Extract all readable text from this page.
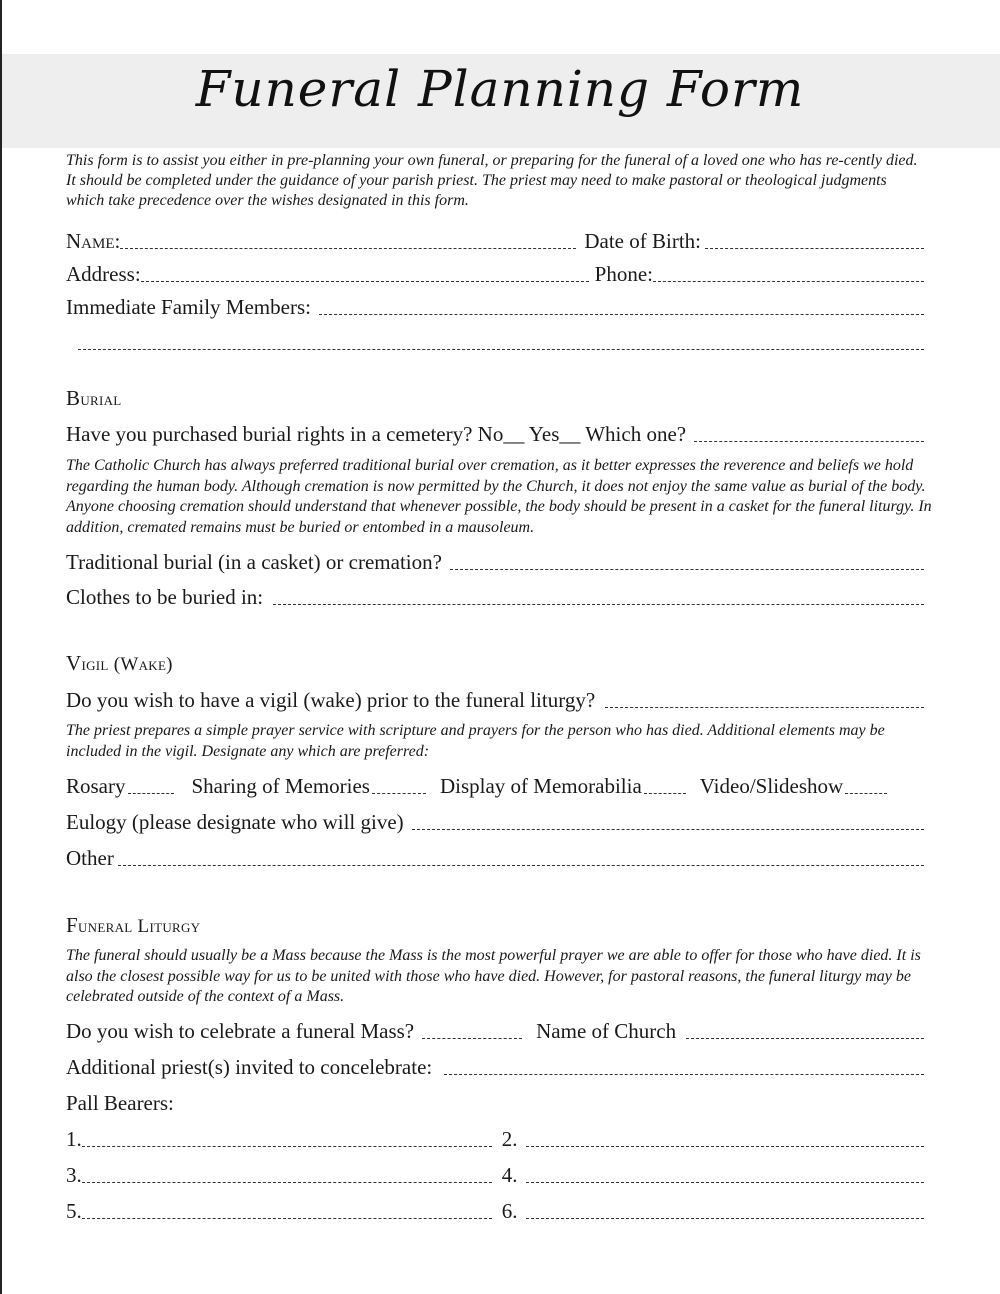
Funeral Planning Form
This form is to assist you either in pre-planning your own funeral, or preparing for the funeral of a loved one who has re-cently died. It should be completed under the guidance of your parish priest. The priest may need to make pastoral or theological judgments which take precedence over the wishes designated in this form.
Name:	Date of Birth:
Address:	Phone:
Immediate Family Members:
Burial
Have you purchased burial rights in a cemetery? No__ Yes__ Which one?
The Catholic Church has always preferred traditional burial over cremation, as it better expresses the reverence and beliefs we hold regarding the human body. Although cremation is now permitted by the Church, it does not enjoy the same value as burial of the body. Anyone choosing cremation should understand that whenever possible, the body should be present in a casket for the funeral liturgy. In addition, cremated remains must be buried or entombed in a mausoleum.
Traditional burial (in a casket) or cremation?
Clothes to be buried in:
Vigil (Wake)
Do you wish to have a vigil (wake) prior to the funeral liturgy?
The priest prepares a simple prayer service with scripture and prayers for the person who has died. Additional elements may be included in the vigil. Designate any which are preferred:
Rosary	Sharing of Memories	Display of Memorabilia	Video/Slideshow
Eulogy (please designate who will give)
Other
Funeral Liturgy
The funeral should usually be a Mass because the Mass is the most powerful prayer we are able to offer for those who have died. It is also the closest possible way for us to be united with those who have died. However, for pastoral reasons, the funeral liturgy may be celebrated outside of the context of a Mass.
Do you wish to celebrate a funeral Mass?	Name of Church
Additional priest(s) invited to concelebrate:
Pall Bearers:
1.	2.
3.	4.
5.	6.
